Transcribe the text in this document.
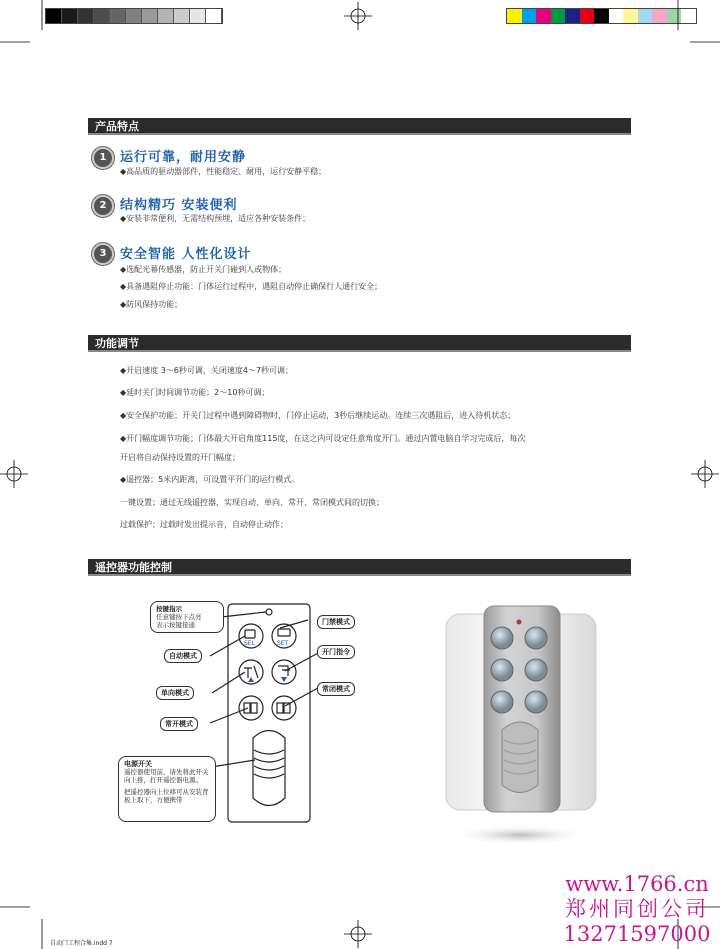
产品特点
1	运行可靠，耐用安静
◆高品质的驱动器部件，性能稳定、耐用，运行安静平稳；
2	结构精巧 安装便利
◆安装非常便利，无需结构预埋，适应各种安装条件；
3	安全智能 人性化设计
◆选配光幕传感器，防止开关门碰到人或物体；
◆具备遇阻停止功能：门体运行过程中，遇阻自动停止确保行人通行安全；
◆防风保持功能；
功能调节
◆开启速度 3～6秒可调，关闭速度4～7秒可调；
◆延时关门时间调节功能；2～10秒可调；
◆安全保护功能；开关门过程中遇到障碍物时，门停止运动，3秒后继续运动。连续三次遇阻后，进入待机状态；
◆开门幅度调节功能；门体最大开启角度115度，在这之内可设定任意角度开门。通过内置电脑自学习完成后，每次
开启将自动保持设置的开门幅度；
◆遥控器；5米内距离，可设置平开门的运行模式。
一键设置；通过无线遥控器，实现自动、单向、常开、常闭模式间的切换；
过载保护；过载时发出提示音，自动停止动作；
遥控器功能控制
SEL	SET
按键指示
任意键按下点亮
表示按键接通
自动模式
单向模式
常开模式
门禁模式
开门指令
常闭模式
电源开关
遥控器使用前，请先将此开关
向上推，打开遥控器电源。
把遥控器向上位移可从安装背
板上取下，方便携带
www.1766.cn
郑州同创公司
13271597000
自动门工程合集.indd 7
